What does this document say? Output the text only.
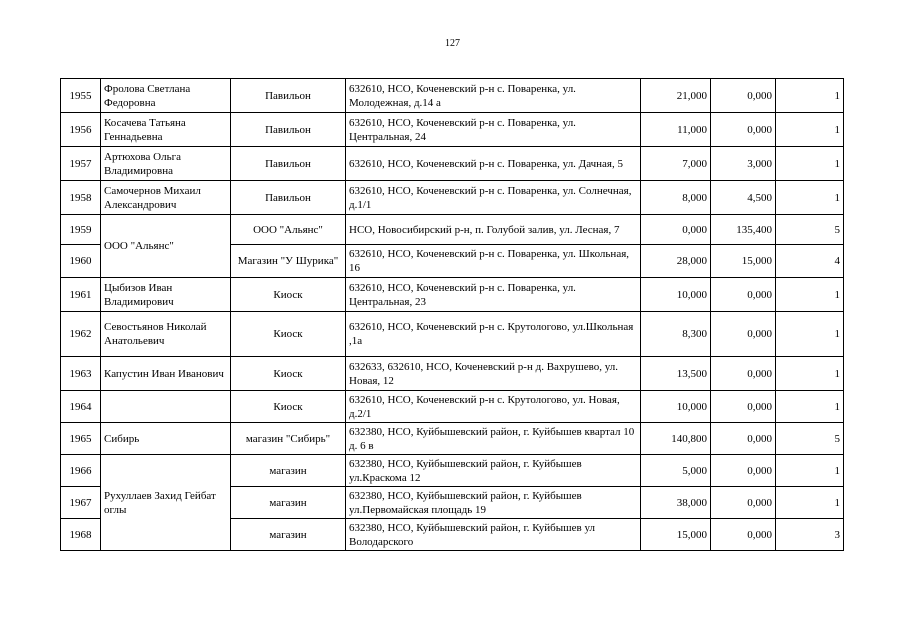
127
1955	Фролова Светлана Федоровна	Павильон	632610, НСО, Коченевский р-н с. Поваренка, ул. Молодежная, д.14 а	21,000	0,000	1
1956	Косачева Татьяна Геннадьевна	Павильон	632610, НСО, Коченевский р-н с. Поваренка, ул. Центральная, 24	11,000	0,000	1
1957	Артюхова Ольга Владимировна	Павильон	632610, НСО, Коченевский р-н с. Поваренка, ул. Дачная, 5	7,000	3,000	1
1958	Самочернов Михаил Александрович	Павильон	632610, НСО, Коченевский р-н с. Поваренка, ул. Солнечная, д.1/1	8,000	4,500	1
1959	ООО "Альянс"	ООО "Альянс"	НСО, Новосибирский р-н, п. Голубой залив, ул. Лесная, 7	0,000	135,400	5
1960		Магазин "У Шурика"	632610, НСО, Коченевский р-н с. Поваренка, ул. Школьная, 16	28,000	15,000	4
1961	Цыбизов Иван Владимирович	Киоск	632610, НСО, Коченевский р-н с. Поваренка, ул. Центральная, 23	10,000	0,000	1
1962	Севостьянов Николай Анатольевич	Киоск	632610, НСО, Коченевский р-н с. Крутологово, ул.Школьная ,1а	8,300	0,000	1
1963	Капустин Иван Иванович	Киоск	632633, 632610, НСО, Коченевский р-н д. Вахрушево, ул. Новая, 12	13,500	0,000	1
1964		Киоск	632610, НСО, Коченевский р-н с. Крутологово, ул. Новая, д.2/1	10,000	0,000	1
1965	Сибирь	магазин "Сибирь"	632380, НСО, Куйбышевский район, г. Куйбышев квартал 10 д. 6 в	140,800	0,000	5
1966	Рухуллаев Захид Гейбат оглы	магазин	632380, НСО, Куйбышевский район, г. Куйбышев ул.Краскома 12	5,000	0,000	1
1967		магазин	632380, НСО, Куйбышевский район, г. Куйбышев ул.Первомайская площадь 19	38,000	0,000	1
1968		магазин	632380, НСО, Куйбышевский район, г. Куйбышев ул Володарского	15,000	0,000	3
